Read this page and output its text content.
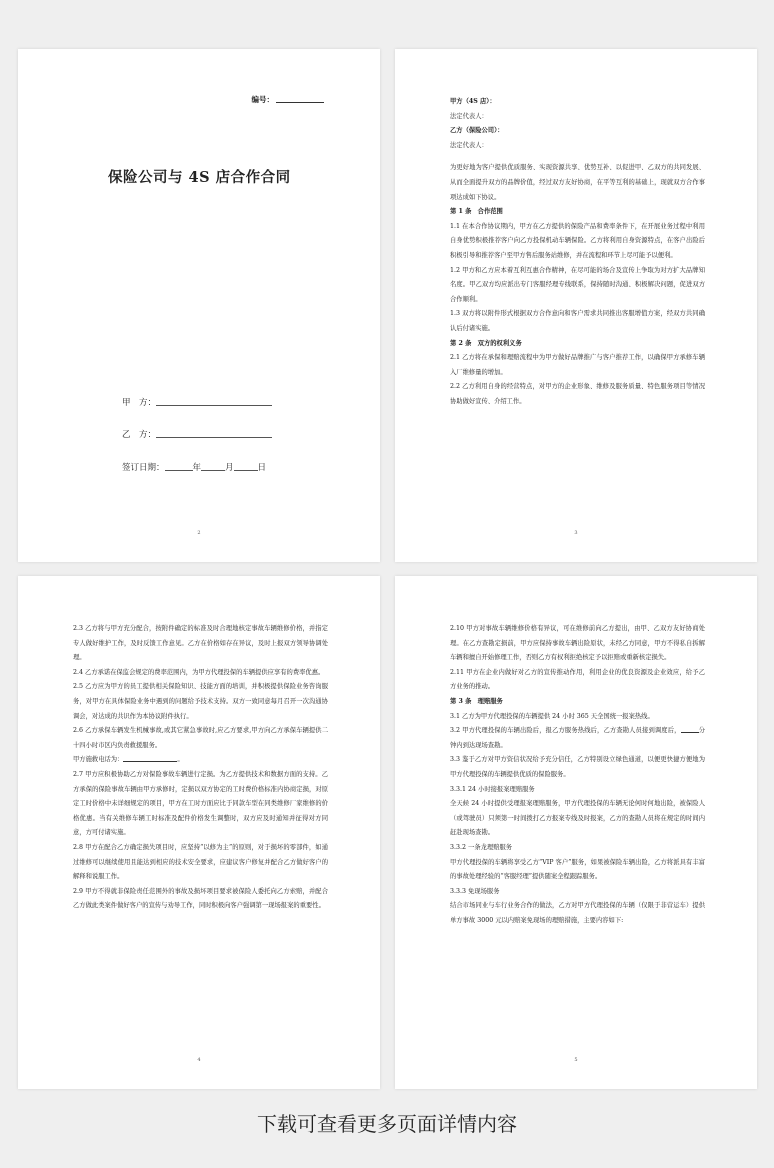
编号：
保险公司与 4S 店合作合同
甲　方：
乙　方：
签订日期：	年	月	日
2

甲方（4S 店）：

法定代表人：

乙方（保险公司）：

法定代表人：

为更好地为客户提供优质服务、实现资源共享、优势互补、以促进甲、乙双方的共同发展、从而全面提升双方的品牌价值，经过双方友好协商，在平等互利的基础上，现就双方合作事项达成如下协议。

第 1 条　合作范围

1.1 在本合作协议期内，甲方在乙方提供的保险产品和费率条件下，在开展业务过程中利用自身优势积极推荐客户向乙方投保机动车辆保险。乙方将利用自身资源特点，在客户出险后积极引导和推荐客户至甲方售后服务站维修，并在流程和环节上尽可能予以便利。

1.2 甲方和乙方应本着互利互惠合作精神，在尽可能的场合及宣传上争取为对方扩大品牌知名度。甲乙双方均应派出专门客服经理专线联系，保持随时沟通、积极解决问题，促进双方合作顺利。

1.3 双方将以附件形式根据双方合作意向和客户需求共同推出客服增值方案，经双方共同确认后付诸实施。

第 2 条　双方的权利义务

2.1 乙方将在承保和理赔流程中为甲方做好品牌推广与客户推荐工作，以确保甲方承修车辆入厂维修量的增加。

2.2 乙方利用自身的经营特点，对甲方的企业形象、维修及服务质量、特色服务项目等情况协助做好宣传、介绍工作。

3

2.3 乙方将与甲方充分配合，按附件确定的标准及时合理地核定事故车辆维修价格，并指定专人做好维护工作，及时反馈工作意见。乙方在价格如存在异议，及时上报双方领导协调处理。

2.4 乙方承诺在保监会规定的费率范围内，为甲方代理投保的车辆提供应享有的费率优惠。

2.5 乙方应为甲方的员工提供相关保险知识、技能方面的培训，并积极提供保险业务咨询服务，对甲方在具体保险业务中遇到的问题给予技术支持。双方一致同意每月召开一次沟通协调会，对达成的共识作为本协议附件执行。

2.6 乙方承保车辆发生机械事故,或其它紧急事故时,应乙方要求,甲方向乙方承保车辆提供二十四小时市区内负责救援服务。

甲方施救电话为：	。

2.7 甲方应积极协助乙方对保险事故车辆进行定损。为乙方提供技术和数据方面的支持。乙方承保的保险事故车辆由甲方承修时，定损以双方协定的工时费价格标准内协商定损，对原定工时价格中未详细规定的项目，甲方在工时方面应比于同款车型在同类维修厂家维修的价格优惠。当有关维修车辆工时标准及配件价格发生调整时，双方应及时通知并征得对方同意，方可付诸实施。

2.8 甲方在配合乙方确定损失项目时，应坚持“以修为主”的原则，对于损坏的零部件，如通过维修可以继续使用且能达到相应的技术安全要求，应建议客户修复并配合乙方做好客户的解释和说服工作。

2.9 甲方不得就非保险责任范围外的事故及损坏项目要求被保险人委托向乙方索赔，并配合乙方做此类案件做好客户的宣传与劝导工作，同时积极向客户强调第一现场报案的重要性。

4

2.10 甲方对事故车辆维修价格有异议，可在维修前向乙方提出，由甲、乙双方友好协商处理。在乙方查勘定损前，甲方应保持事故车辆出险原状，未经乙方同意，甲方不得私自拆解车辆和擅自开始修理工作，否则乙方有权利拒绝核定予以拒赔或重新核定损失。

2.11 甲方在企业内做好对乙方的宣传推动作用，利用企业的优良资源及企业效应，给予乙方业务的推动。

第 3 条　理赔服务

3.1 乙方为甲方代理投保的车辆提供 24 小时 365 天全国统一报案热线。

3.2 甲方代理投保的车辆出险后，报乙方服务热线后，乙方查勘人员接到调度后，	分钟内到达现场查勘。

3.3 鉴于乙方对甲方资信状况给予充分信任，乙方特别设立绿色通道，以便更快捷方便地为甲方代理投保的车辆提供优质的保险服务。

3.3.1 24 小时接报案理赔服务

全天候 24 小时提供受理报案理赔服务，甲方代理投保的车辆无论何时何地出险，被保险人（或驾驶员）只须第一时间拨打乙方报案专线及时报案，乙方的查勘人员将在规定的时间内赶赴现场查勘。

3.3.2 一条龙理赔服务

甲方代理投保的车辆将享受乙方“VIP 客户”服务，如果被保险车辆出险，乙方将派具有丰富的事故处理经验的“客服经理”提供随案全程跟踪服务。

3.3.3 免现场服务

结合市场同业与车行业务合作的做法，乙方对甲方代理投保的车辆（仅限于非营运车）提供单方事故 3000 元以内赔案免现场的理赔措施，主要内容如下:

5
下载可查看更多页面详情内容
